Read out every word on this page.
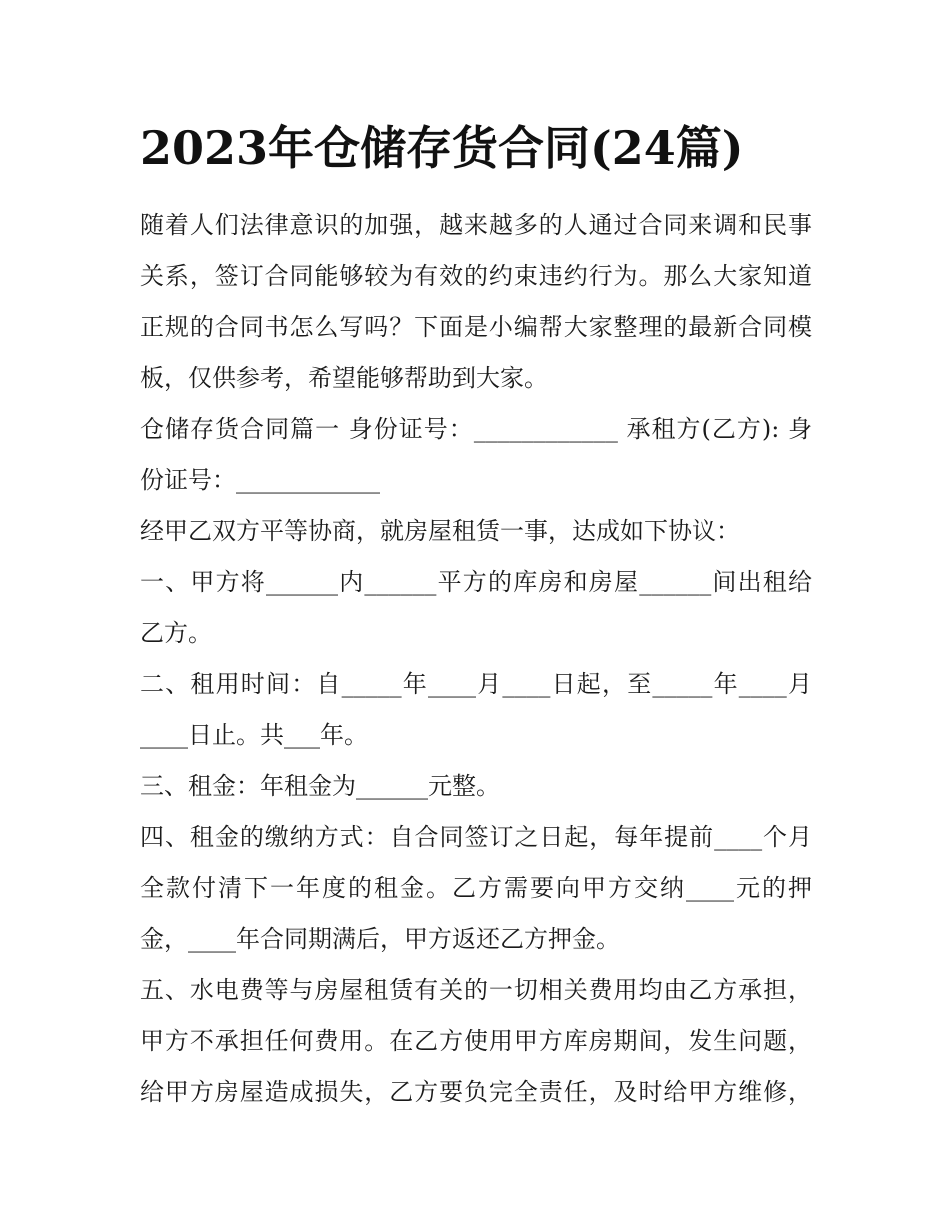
2023年仓储存货合同(24篇)
随着人们法律意识的加强，越来越多的人通过合同来调和民事
关系，签订合同能够较为有效的约束违约行为。那么大家知道
正规的合同书怎么写吗？下面是小编帮大家整理的最新合同模
板，仅供参考，希望能够帮助到大家。
仓储存货合同篇一 身份证号：____________ 承租方(乙方): 身
份证号：____________
经甲乙双方平等协商，就房屋租赁一事，达成如下协议：
一、甲方将______内______平方的库房和房屋______间出租给
乙方。
二、租用时间：自_____年____月____日起，至_____年____月
____日止。共___年。
三、租金：年租金为______元整。
四、租金的缴纳方式：自合同签订之日起，每年提前____个月
全款付清下一年度的租金。乙方需要向甲方交纳____元的押
金，____年合同期满后，甲方返还乙方押金。
五、水电费等与房屋租赁有关的一切相关费用均由乙方承担，
甲方不承担任何费用。在乙方使用甲方库房期间，发生问题，
给甲方房屋造成损失，乙方要负完全责任，及时给甲方维修，
